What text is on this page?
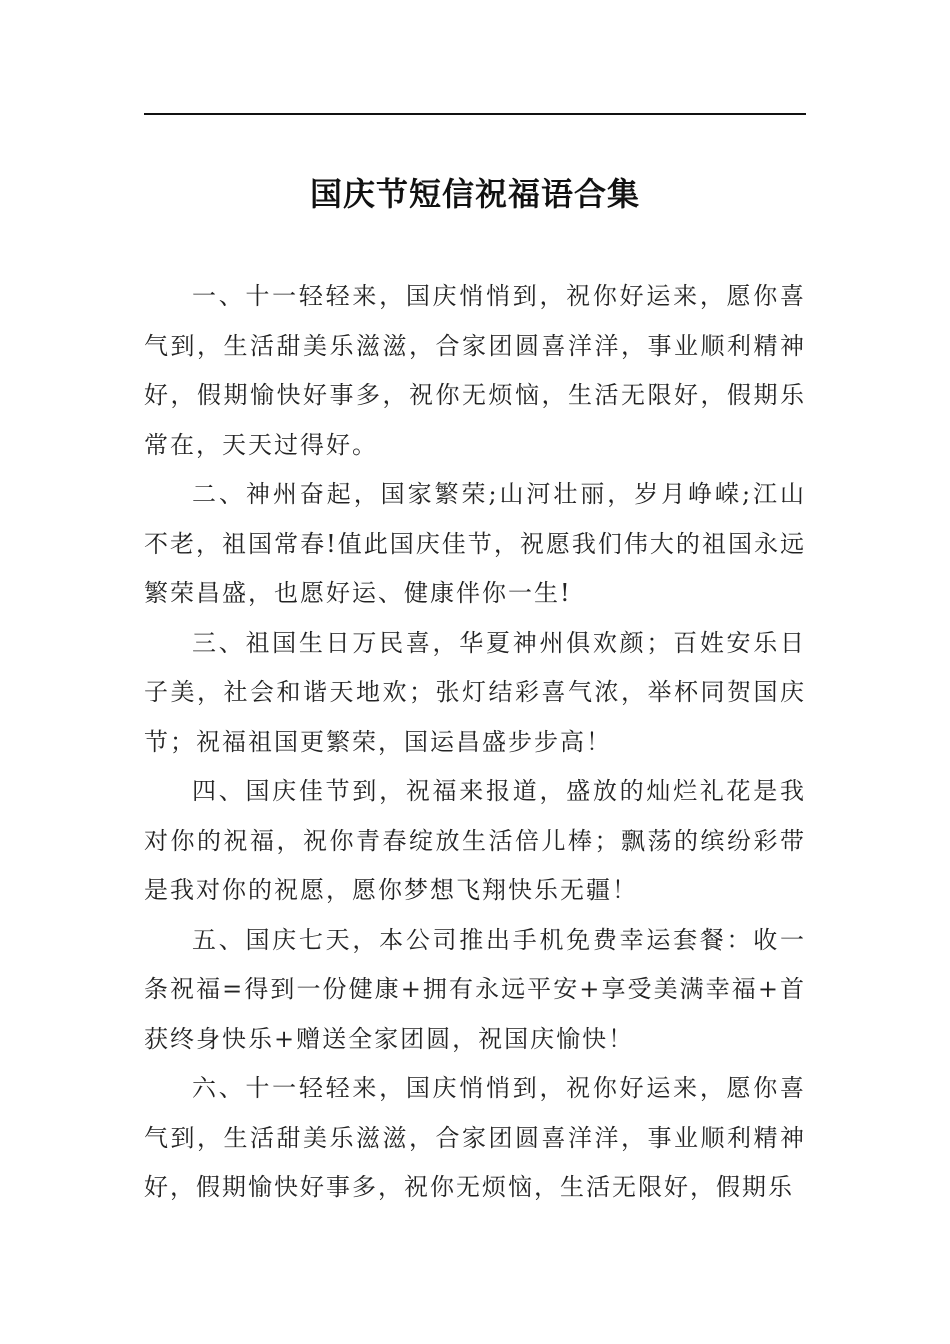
国庆节短信祝福语合集

一、十一轻轻来，国庆悄悄到，祝你好运来，愿你喜气到，生活甜美乐滋滋，合家团圆喜洋洋，事业顺利精神好，假期愉快好事多，祝你无烦恼，生活无限好，假期乐常在，天天过得好。

二、神州奋起，国家繁荣;山河壮丽，岁月峥嵘;江山不老，祖国常春!值此国庆佳节，祝愿我们伟大的祖国永远繁荣昌盛，也愿好运、健康伴你一生!

三、祖国生日万民喜，华夏神州俱欢颜；百姓安乐日子美，社会和谐天地欢；张灯结彩喜气浓，举杯同贺国庆节；祝福祖国更繁荣，国运昌盛步步高！

四、国庆佳节到，祝福来报道，盛放的灿烂礼花是我对你的祝福，祝你青春绽放生活倍儿棒；飘荡的缤纷彩带是我对你的祝愿，愿你梦想飞翔快乐无疆！

五、国庆七天，本公司推出手机免费幸运套餐：收一条祝福=得到一份健康+拥有永远平安+享受美满幸福+首获终身快乐+赠送全家团圆，祝国庆愉快！

六、十一轻轻来，国庆悄悄到，祝你好运来，愿你喜气到，生活甜美乐滋滋，合家团圆喜洋洋，事业顺利精神好，假期愉快好事多，祝你无烦恼，生活无限好，假期乐
